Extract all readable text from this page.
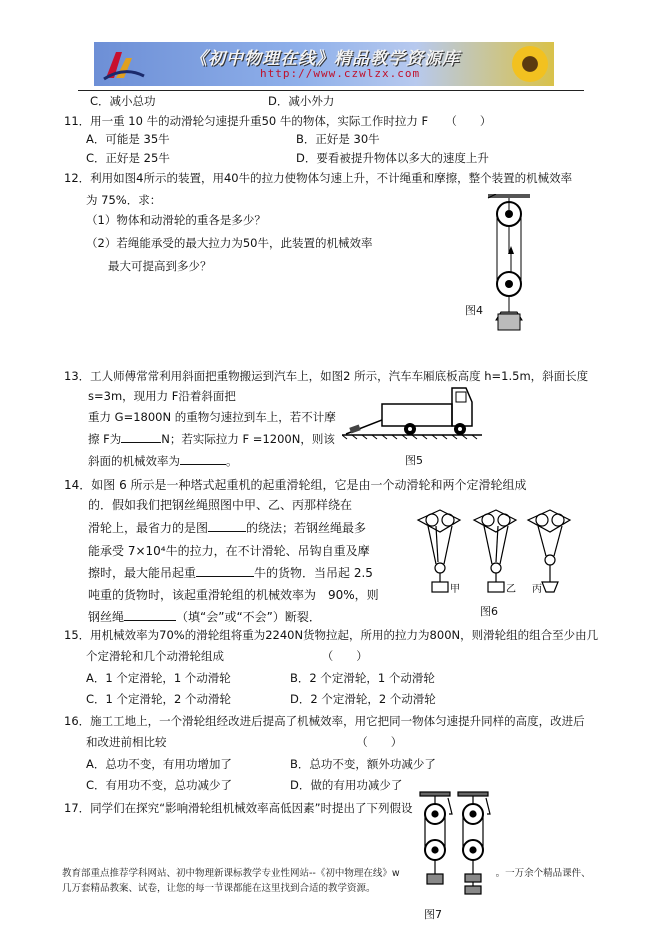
《初中物理在线》精品教学资源库
http://www.czwlzx.com
C．减小总功	D．减小外力
11．用一重 10 牛的动滑轮匀速提升重50 牛的物体，实际工作时拉力 F　　（　　）
A．可能是 35牛	B．正好是 30牛
C．正好是 25牛	D．要看被提升物体以多大的速度上升
12．利用如图4所示的装置，用40牛的拉力使物体匀速上升，不计绳重和摩擦，整个装置的机械效率
为 75%．求：
（1）物体和动滑轮的重各是多少？
（2）若绳能承受的最大拉力为50牛，此装置的机械效率
最大可提高到多少？
图4
13．工人师傅常常利用斜面把重物搬运到汽车上，如图2 所示，汽车车厢底板高度 h=1.5m，斜面长度
s=3m，现用力 F沿着斜面把
重力 G=1800N 的重物匀速拉到车上，若不计摩
擦 F为	N；若实际拉力 F =1200N，则该
斜面的机械效率为	。	图5
14．如图 6 所示是一种塔式起重机的起重滑轮组，它是由一个动滑轮和两个定滑轮组成
的．假如我们把钢丝绳照图中甲、乙、丙那样绕在
滑轮上，最省力的是图	的绕法；若钢丝绳最多
能承受 7×10⁴牛的拉力，在不计滑轮、吊钩自重及摩
擦时，最大能吊起重	牛的货物．当吊起 2.5
吨重的货物时，该起重滑轮组的机械效率为　90%，则
钢丝绳	（填“会”或“不会”）断裂．
甲	乙 丙
图6
15．用机械效率为70%的滑轮组将重为2240N货物拉起，所用的拉力为800N，则滑轮组的组合至少由几
个定滑轮和几个动滑轮组成　　　　　　　　　（　　）
A．1 个定滑轮，1 个动滑轮	B．2 个定滑轮，1 个动滑轮
C．1 个定滑轮，2 个动滑轮	D．2 个定滑轮，2 个动滑轮
16．施工工地上，一个滑轮组经改进后提高了机械效率，用它把同一物体匀速提升同样的高度，改进后
和改进前相比较　　　　　　　　　　　　　　　　　（　　）
A．总功不变，有用功增加了	B．总功不变，额外功减少了
C．有用功不变，总功减少了	D．做的有用功减少了
17．同学们在探究“影响滑轮组机械效率高低因素”时提出了下列假设
图7
教育部重点推荐学科网站、初中物理新课标教学专业性网站--《初中物理在线》w	。一万余个精品课件、
几万套精品教案、试卷，让您的每一节课都能在这里找到合适的教学资源。
